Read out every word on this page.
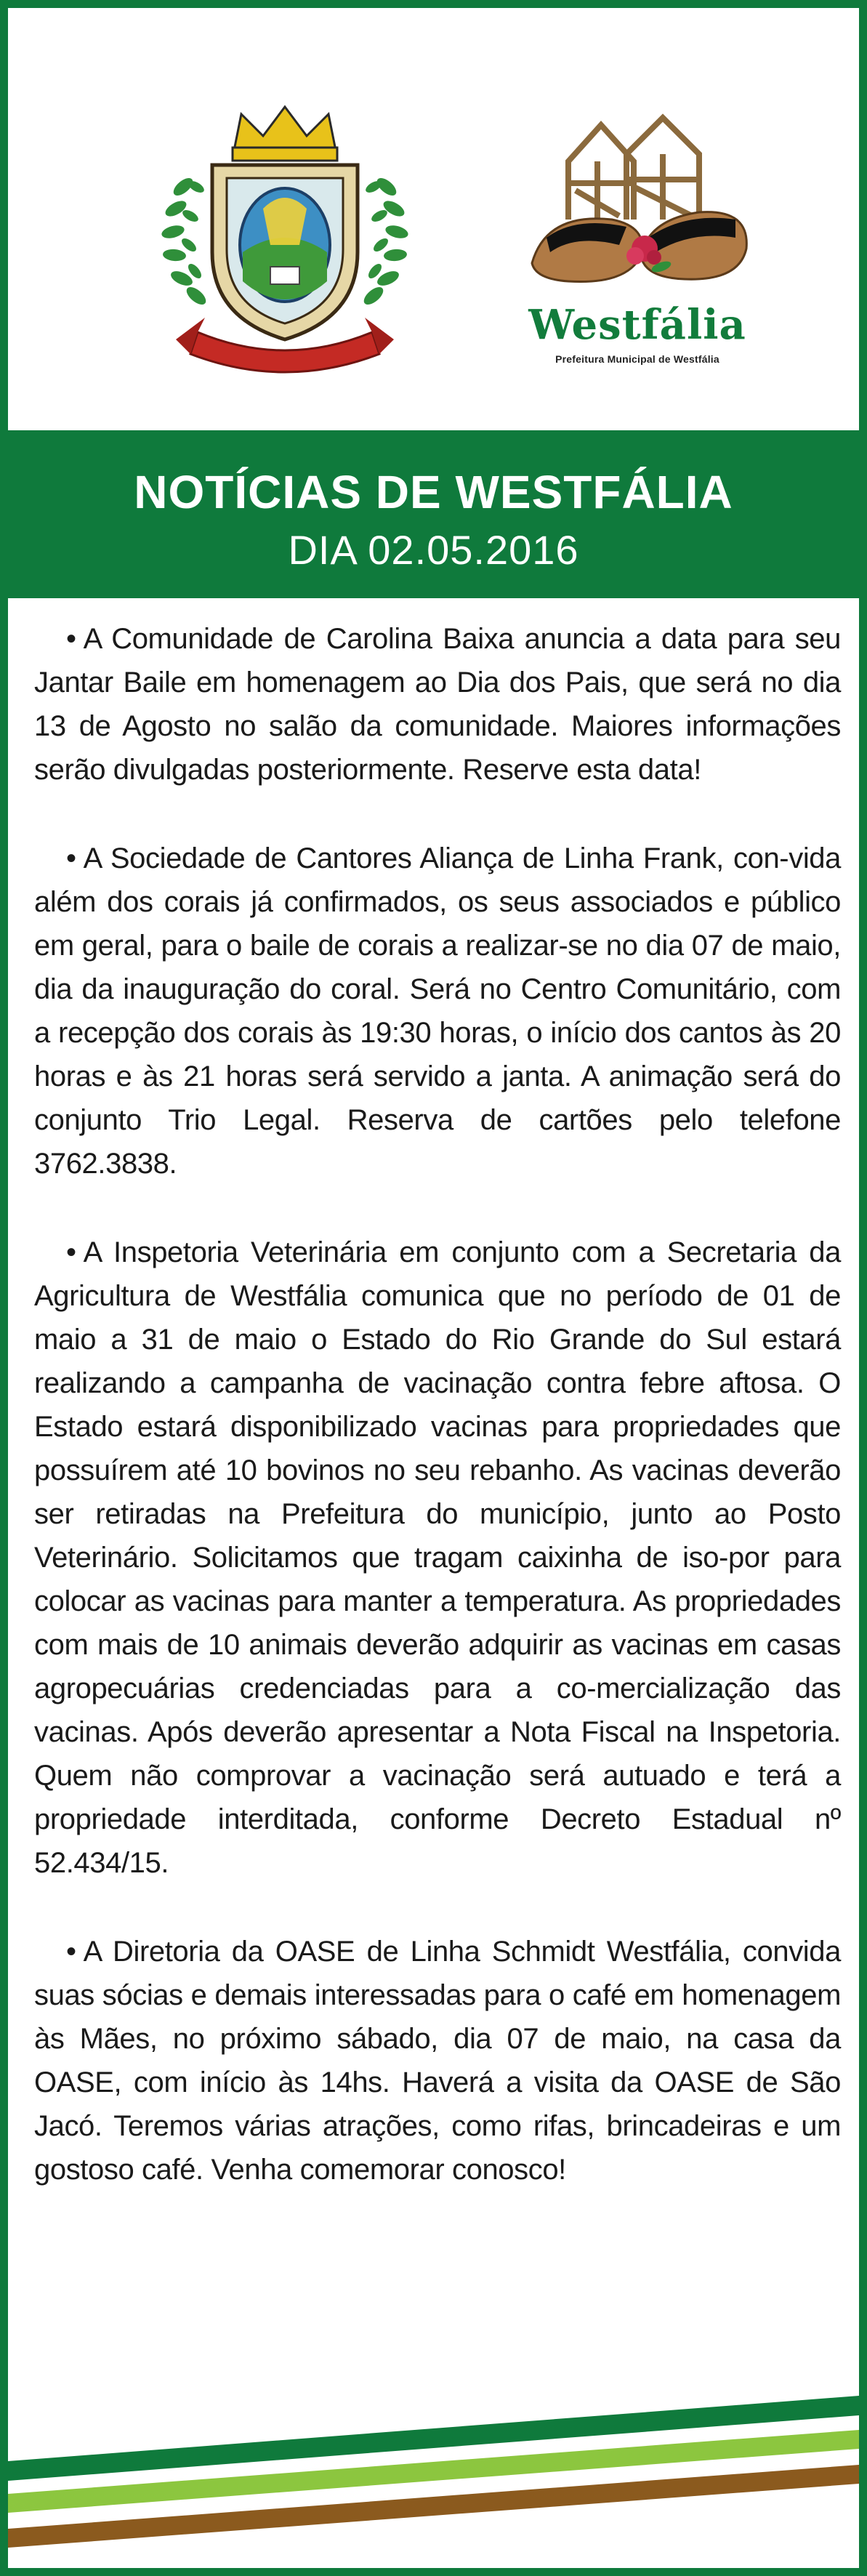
Westfália
Prefeitura Municipal de Westfália
NOTÍCIAS DE WESTFÁLIA
DIA 02.05.2016

• A Comunidade de Carolina Baixa anuncia a data para seu Jantar Baile em homenagem ao Dia dos Pais, que será no dia 13 de Agosto no salão da comunidade. Maiores informações serão divulgadas posteriormente. Reserve esta data!

• A Sociedade de Cantores Aliança de Linha Frank, con-vida além dos corais já confirmados, os seus associados e público em geral, para o baile de corais a realizar-se no dia 07 de maio, dia da inauguração do coral. Será no Centro Comunitário, com a recepção dos corais às 19:30 horas, o início dos cantos às 20 horas e às 21 horas será servido a janta. A animação será do conjunto Trio Legal. Reserva de cartões pelo telefone 3762.3838.

• A Inspetoria Veterinária em conjunto com a Secretaria da Agricultura de Westfália comunica que no período de 01 de maio a 31 de maio o Estado do Rio Grande do Sul estará realizando a campanha de vacinação contra febre aftosa. O Estado estará disponibilizado vacinas para propriedades que possuírem até 10 bovinos no seu rebanho. As vacinas deverão ser retiradas na Prefeitura do município, junto ao Posto Veterinário. Solicitamos que tragam caixinha de iso-por para colocar as vacinas para manter a temperatura. As propriedades com mais de 10 animais deverão adquirir as vacinas em casas agropecuárias credenciadas para a co-mercialização das vacinas. Após deverão apresentar a Nota Fiscal na Inspetoria. Quem não comprovar a vacinação será autuado e terá a propriedade interditada, conforme Decreto Estadual nº 52.434/15.

• A Diretoria da OASE de Linha Schmidt Westfália, convida suas sócias e demais interessadas para o café em homenagem às Mães, no próximo sábado, dia 07 de maio, na casa da OASE, com início às 14hs. Haverá a visita da OASE de São Jacó. Teremos várias atrações, como rifas, brincadeiras e um gostoso café. Venha comemorar conosco!
